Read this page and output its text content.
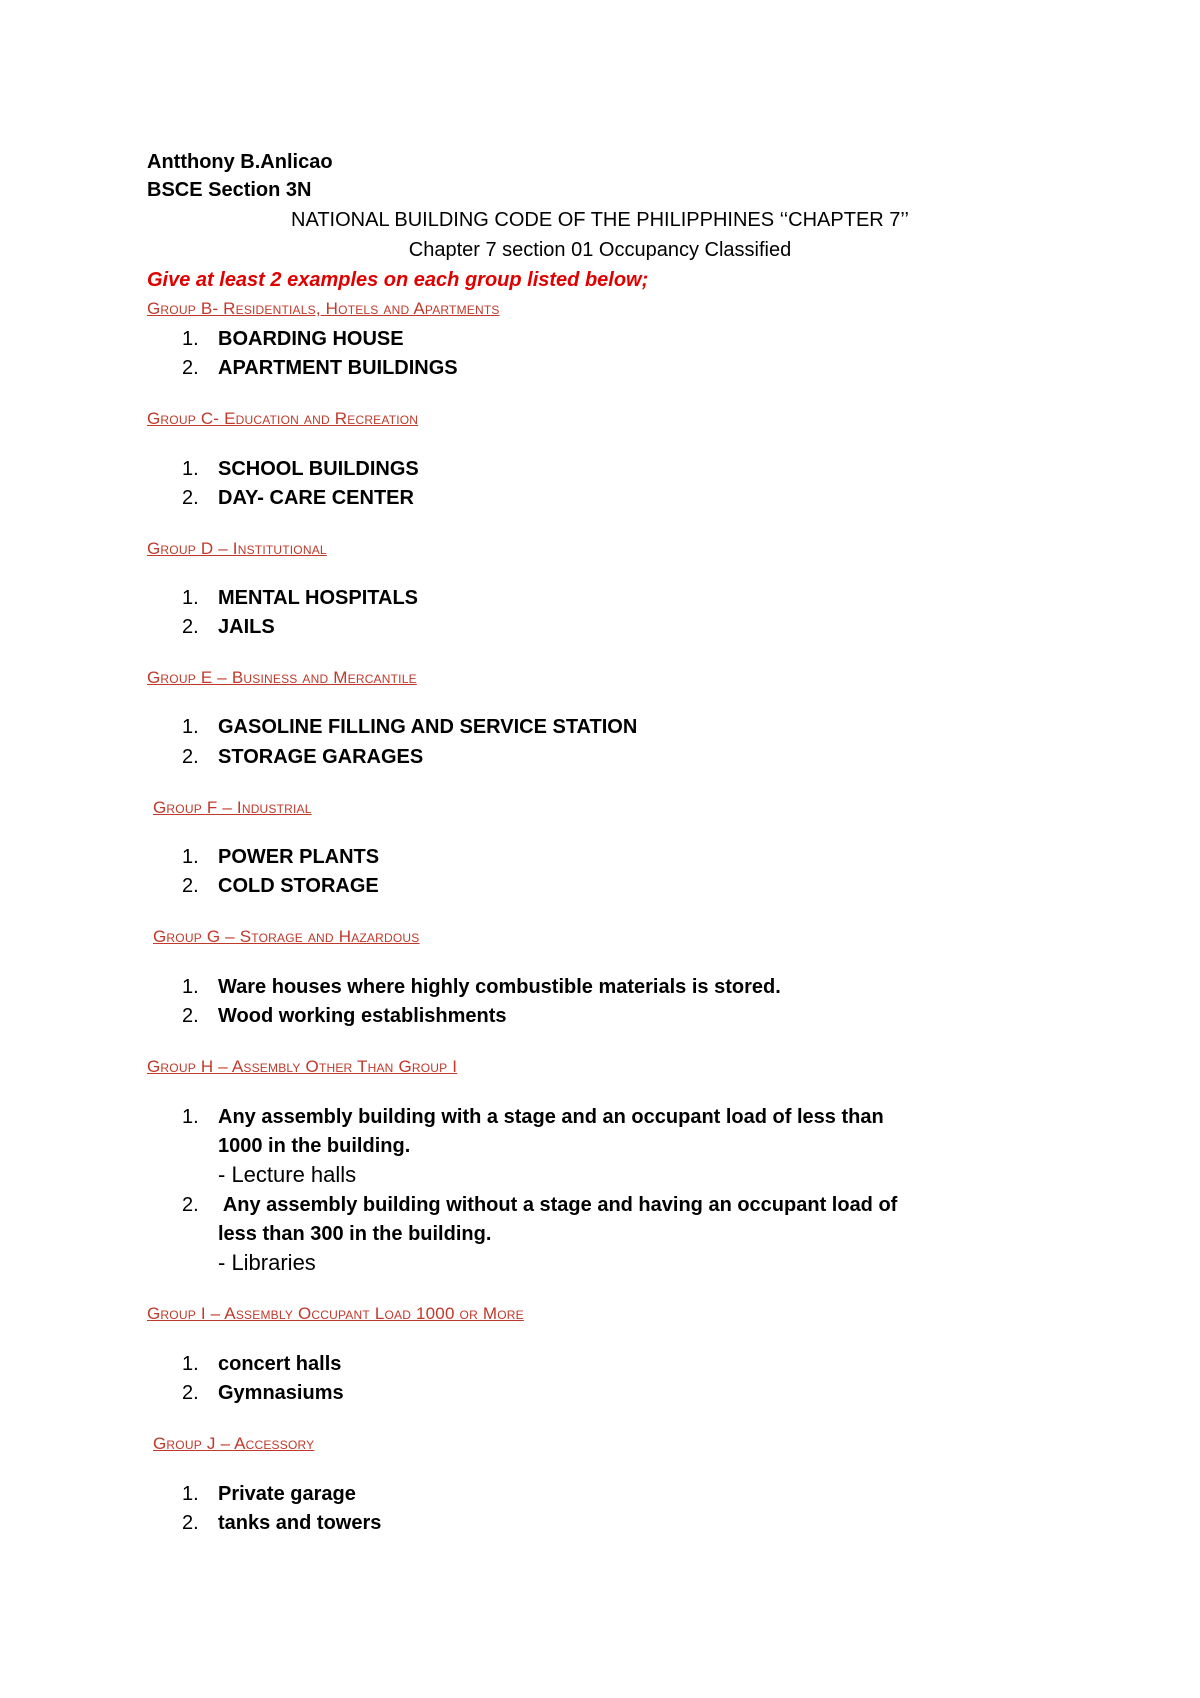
Antthony B.Anlicao
BSCE Section 3N
NATIONAL BUILDING CODE OF THE PHILIPPHINES ‘‘CHAPTER 7’’
Chapter 7 section 01 Occupancy Classified
Give at least 2 examples on each group listed below;
Group B- Residentials, Hotels and Apartments
1. BOARDING HOUSE
2. APARTMENT BUILDINGS
Group C- Education and Recreation
1. SCHOOL BUILDINGS
2. DAY- CARE CENTER
Group D – Institutional
1. MENTAL HOSPITALS
2. JAILS
Group E – Business and Mercantile
1. GASOLINE FILLING AND SERVICE STATION
2. STORAGE GARAGES
Group F – Industrial
1. POWER PLANTS
2. COLD STORAGE
Group G – Storage and Hazardous
1. Ware houses where highly combustible materials is stored.
2. Wood working establishments
Group H – Assembly Other Than Group I
1. Any assembly building with a stage and an occupant load of less than
1000 in the building.
- Lecture halls
2. Any assembly building without a stage and having an occupant load of
less than 300 in the building.
- Libraries
Group I – Assembly Occupant Load 1000 or More
1. concert halls
2. Gymnasiums
Group J – Accessory
1. Private garage
2. tanks and towers
